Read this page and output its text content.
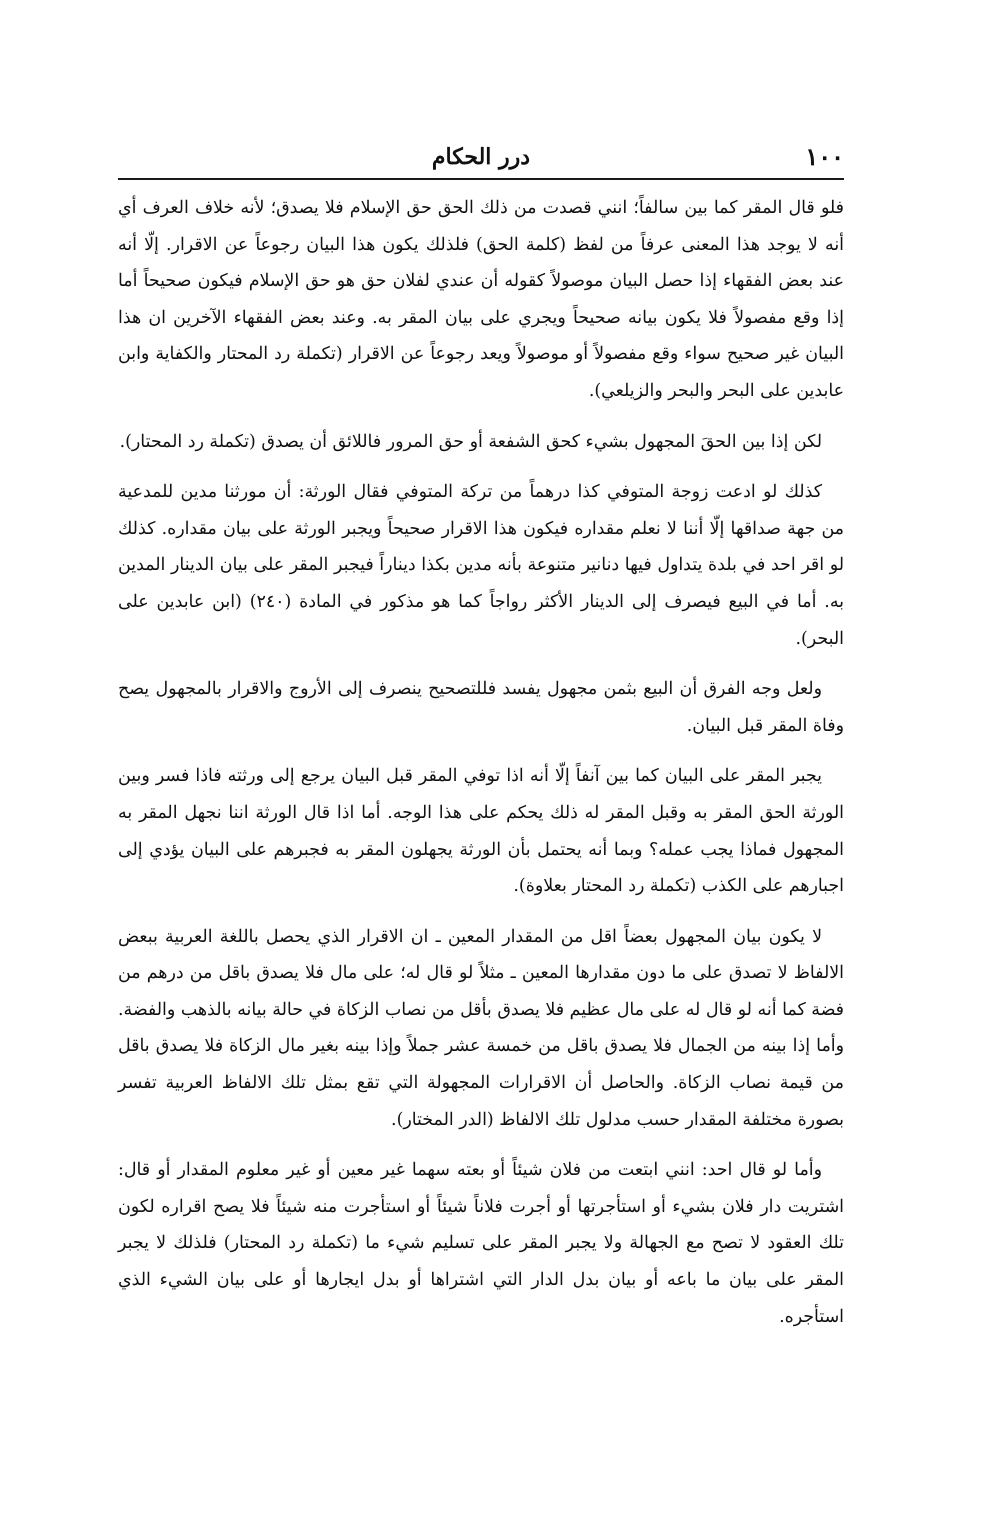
١٠٠
درر الحكام

فلو قال المقر كما بين سالفاً؛ انني قصدت من ذلك الحق حق الإسلام فلا يصدق؛ لأنه خلاف العرف أي أنه لا يوجد هذا المعنى عرفاً من لفظ (كلمة الحق) فلذلك يكون هذا البيان رجوعاً عن الاقرار. إلّا أنه عند بعض الفقهاء إذا حصل البيان موصولاً كقوله أن عندي لفلان حق هو حق الإسلام فيكون صحيحاً أما إذا وقع مفصولاً فلا يكون بيانه صحيحاً ويجري على بيان المقر به. وعند بعض الفقهاء الآخرين ان هذا البيان غير صحيح سواء وقع مفصولاً أو موصولاً ويعد رجوعاً عن الاقرار (تكملة رد المحتار والكفاية وابن عابدين على البحر والبحر والزيلعي).

لكن إذا بين الحقَ المجهول بشيء كحق الشفعة أو حق المرور فاللائق أن يصدق (تكملة رد المحتار).

كذلك لو ادعت زوجة المتوفي كذا درهماً من تركة المتوفي فقال الورثة: أن مورثنا مدين للمدعية من جهة صداقها إلّا أننا لا نعلم مقداره فيكون هذا الاقرار صحيحاً ويجبر الورثة على بيان مقداره. كذلك لو اقر احد في بلدة يتداول فيها دنانير متنوعة بأنه مدين بكذا ديناراً فيجبر المقر على بيان الدينار المدين به. أما في البيع فيصرف إلى الدينار الأكثر رواجاً كما هو مذكور في المادة (٢٤٠) (ابن عابدين على البحر).

ولعل وجه الفرق أن البيع بثمن مجهول يفسد فللتصحيح ينصرف إلى الأروج والاقرار بالمجهول يصح وفاة المقر قبل البيان.

يجبر المقر على البيان كما بين آنفاً إلّا أنه اذا توفي المقر قبل البيان يرجع إلى ورثته فاذا فسر وبين الورثة الحق المقر به وقبل المقر له ذلك يحكم على هذا الوجه. أما اذا قال الورثة اننا نجهل المقر به المجهول فماذا يجب عمله؟ وبما أنه يحتمل بأن الورثة يجهلون المقر به فجبرهم على البيان يؤدي إلى اجبارهم على الكذب (تكملة رد المحتار بعلاوة).

لا يكون بيان المجهول بعضاً اقل من المقدار المعين ـ ان الاقرار الذي يحصل باللغة العربية ببعض الالفاظ لا تصدق على ما دون مقدارها المعين ـ مثلاً لو قال له؛ على مال فلا يصدق باقل من درهم من فضة كما أنه لو قال له على مال عظيم فلا يصدق بأقل من نصاب الزكاة في حالة بيانه بالذهب والفضة. وأما إذا بينه من الجمال فلا يصدق باقل من خمسة عشر جملاً وإذا بينه بغير مال الزكاة فلا يصدق باقل من قيمة نصاب الزكاة. والحاصل أن الاقرارات المجهولة التي تقع بمثل تلك الالفاظ العربية تفسر بصورة مختلفة المقدار حسب مدلول تلك الالفاظ (الدر المختار).

وأما لو قال احد: انني ابتعت من فلان شيئاً أو بعته سهما غير معين أو غير معلوم المقدار أو قال: اشتريت دار فلان بشيء أو استأجرتها أو أجرت فلاناً شيئاً أو استأجرت منه شيئاً فلا يصح اقراره لكون تلك العقود لا تصح مع الجهالة ولا يجبر المقر على تسليم شيء ما (تكملة رد المحتار) فلذلك لا يجبر المقر على بيان ما باعه أو بيان بدل الدار التي اشتراها أو بدل ايجارها أو على بيان الشيء الذي استأجره.
